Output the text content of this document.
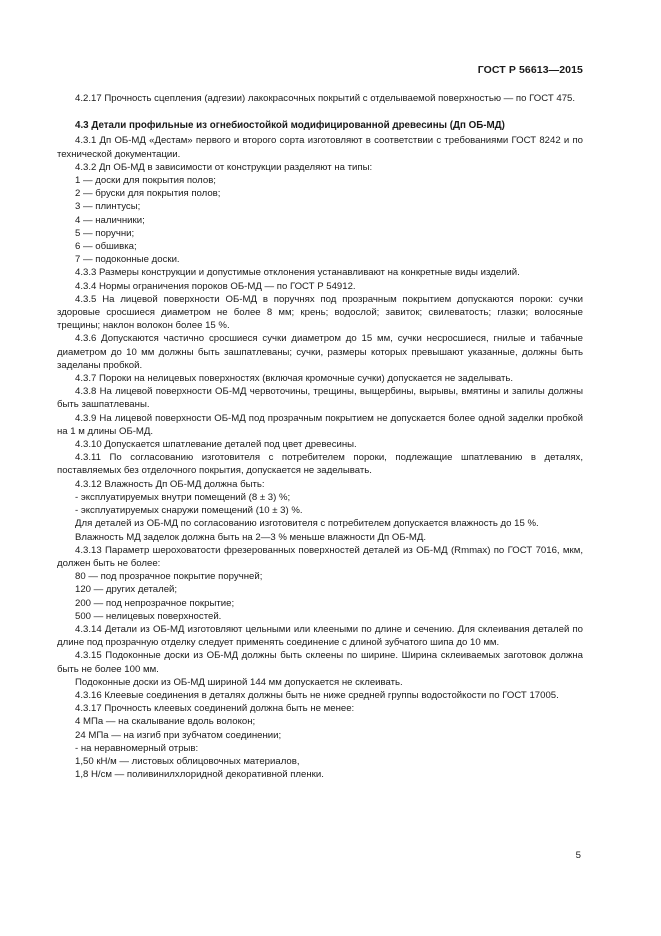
ГОСТ Р 56613—2015

4.2.17 Прочность сцепления (адгезии) лакокрасочных покрытий с отделываемой поверхностью — по ГОСТ 475.

4.3 Детали профильные из огнебиостойкой модифицированной древесины (Дп ОБ-МД)

4.3.1 Дп ОБ-МД «Дестам» первого и второго сорта изготовляют в соответствии с требованиями ГОСТ 8242 и по технической документации.

4.3.2 Дп ОБ-МД в зависимости от конструкции разделяют на типы:

1 — доски для покрытия полов;

2 — бруски для покрытия полов;

3 — плинтусы;

4 — наличники;

5 — поручни;

6 — обшивка;

7 — подоконные доски.

4.3.3 Размеры конструкции и допустимые отклонения устанавливают на конкретные виды изделий.

4.3.4 Нормы ограничения пороков ОБ-МД — по ГОСТ Р 54912.

4.3.5 На лицевой поверхности ОБ-МД в поручнях под прозрачным покрытием допускаются пороки: сучки здоровые сросшиеся диаметром не более 8 мм; крень; водослой; завиток; свилеватость; глазки; волосяные трещины; наклон волокон более 15 %.

4.3.6 Допускаются частично сросшиеся сучки диаметром до 15 мм, сучки несросшиеся, гнилые и табачные диаметром до 10 мм должны быть зашпатлеваны; сучки, размеры которых превышают указанные, должны быть заделаны пробкой.

4.3.7 Пороки на нелицевых поверхностях (включая кромочные сучки) допускается не заделывать.

4.3.8 На лицевой поверхности ОБ-МД червоточины, трещины, выщербины, вырывы, вмятины и запилы должны быть зашпатлеваны.

4.3.9 На лицевой поверхности ОБ-МД под прозрачным покрытием не допускается более одной заделки пробкой на 1 м длины ОБ-МД.

4.3.10 Допускается шпатлевание деталей под цвет древесины.

4.3.11 По согласованию изготовителя с потребителем пороки, подлежащие шпатлеванию в деталях, поставляемых без отделочного покрытия, допускается не заделывать.

4.3.12 Влажность Дп ОБ-МД должна быть:

- эксплуатируемых внутри помещений (8 ± 3) %;

- эксплуатируемых снаружи помещений (10 ± 3) %.

Для деталей из ОБ-МД по согласованию изготовителя с потребителем допускается влажность до 15 %.

Влажность МД заделок должна быть на 2—3 % меньше влажности Дп ОБ-МД.

4.3.13 Параметр шероховатости фрезерованных поверхностей деталей из ОБ-МД (Rmmax) по ГОСТ 7016, мкм, должен быть не более:

80 — под прозрачное покрытие поручней;

120 — других деталей;

200 — под непрозрачное покрытие;

500 — нелицевых поверхностей.

4.3.14 Детали из ОБ-МД изготовляют цельными или клееными по длине и сечению. Для склеивания деталей по длине под прозрачную отделку следует применять соединение с длиной зубчатого шипа до 10 мм.

4.3.15 Подоконные доски из ОБ-МД должны быть склеены по ширине. Ширина склеиваемых заготовок должна быть не более 100 мм.

Подоконные доски из ОБ-МД шириной 144 мм допускается не склеивать.

4.3.16 Клеевые соединения в деталях должны быть не ниже средней группы водостойкости по ГОСТ 17005.

4.3.17 Прочность клеевых соединений должна быть не менее:

4 МПа — на скалывание вдоль волокон;

24 МПа — на изгиб при зубчатом соединении;

- на неравномерный отрыв:

1,50 кН/м — листовых облицовочных материалов,

1,8 Н/см — поливинилхлоридной декоративной пленки.

5
